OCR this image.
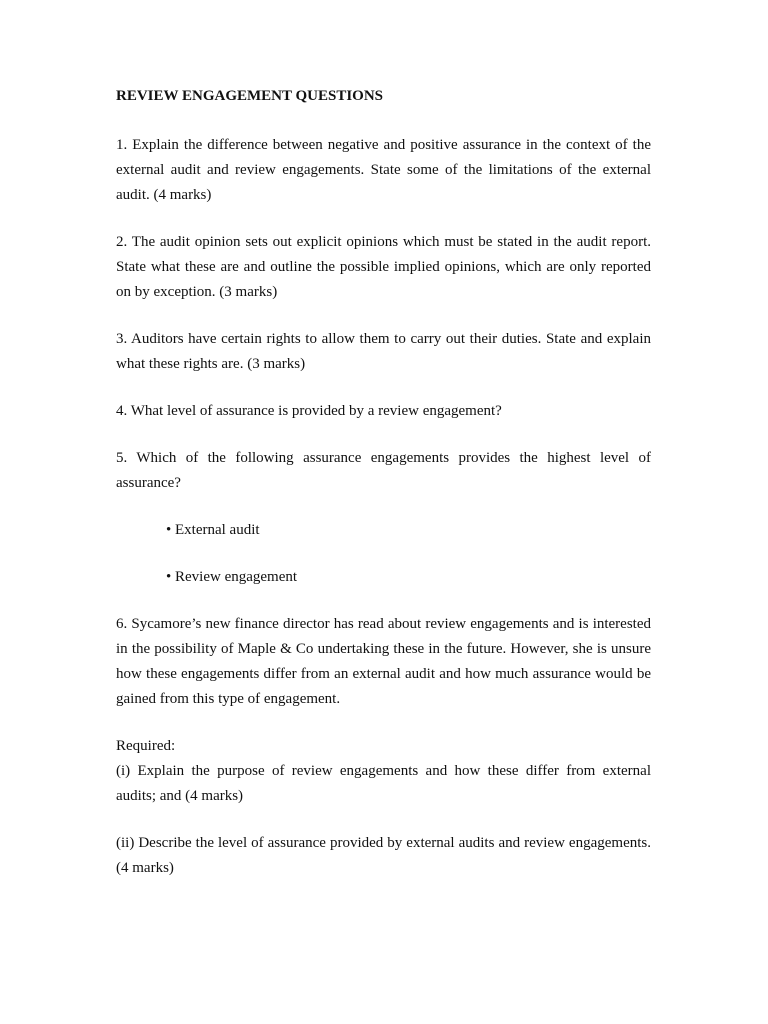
REVIEW ENGAGEMENT QUESTIONS
1. Explain the difference between negative and positive assurance in the context of the external audit and review engagements. State some of the limitations of the external audit. (4 marks)
2. The audit opinion sets out explicit opinions which must be stated in the audit report. State what these are and outline the possible implied opinions, which are only reported on by exception. (3 marks)
3. Auditors have certain rights to allow them to carry out their duties. State and explain what these rights are. (3 marks)
4. What level of assurance is provided by a review engagement?
5. Which of the following assurance engagements provides the highest level of assurance?
• External audit
• Review engagement
6. Sycamore’s new finance director has read about review engagements and is interested in the possibility of Maple & Co undertaking these in the future. However, she is unsure how these engagements differ from an external audit and how much assurance would be gained from this type of engagement.
Required:
(i) Explain the purpose of review engagements and how these differ from external audits; and (4 marks)
(ii) Describe the level of assurance provided by external audits and review engagements. (4 marks)
